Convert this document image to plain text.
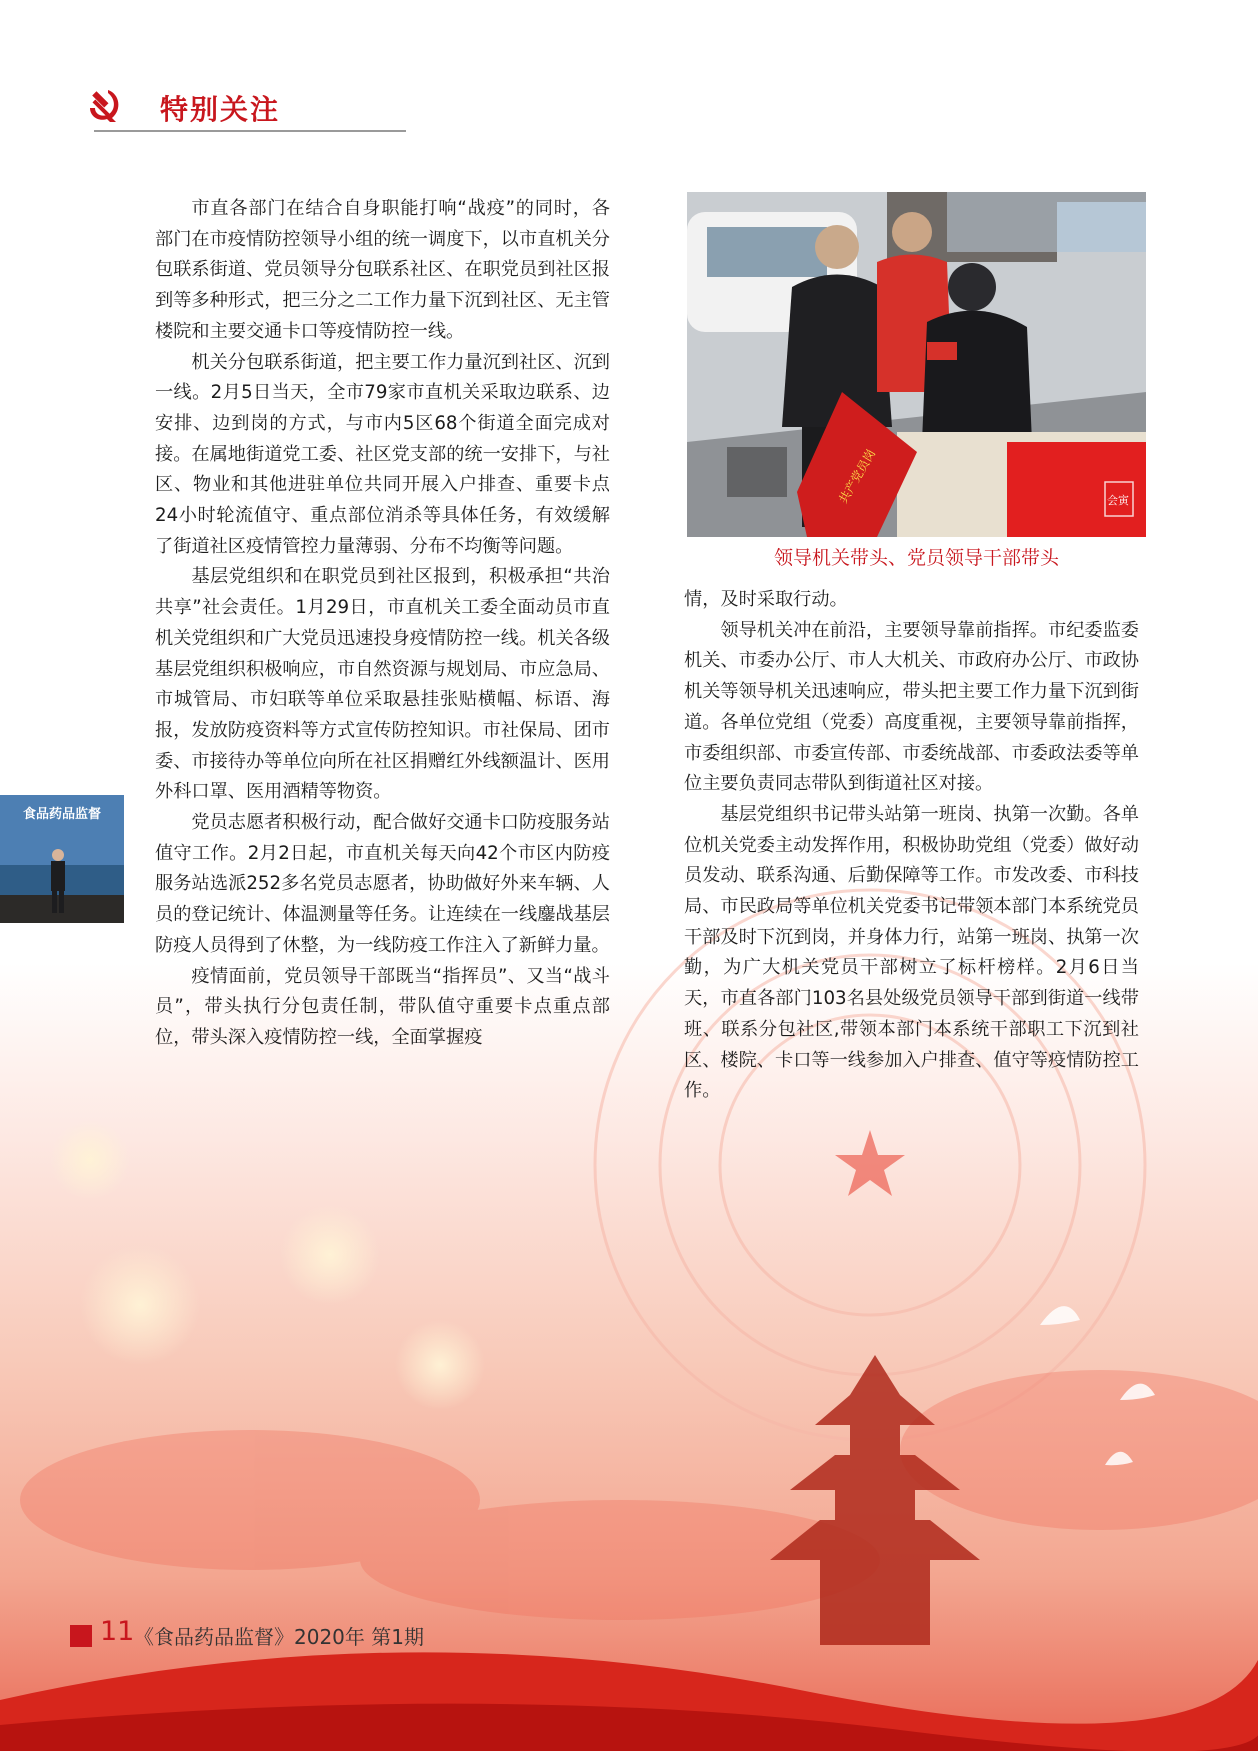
特别关注

市直各部门在结合自身职能打响“战疫”的同时，各部门在市疫情防控领导小组的统一调度下，以市直机关分包联系街道、党员领导分包联系社区、在职党员到社区报到等多种形式，把三分之二工作力量下沉到社区、无主管楼院和主要交通卡口等疫情防控一线。

机关分包联系街道，把主要工作力量沉到社区、沉到一线。2月5日当天，全市79家市直机关采取边联系、边安排、边到岗的方式，与市内5区68个街道全面完成对接。在属地街道党工委、社区党支部的统一安排下，与社区、物业和其他进驻单位共同开展入户排查、重要卡点24小时轮流值守、重点部位消杀等具体任务，有效缓解了街道社区疫情管控力量薄弱、分布不均衡等问题。

基层党组织和在职党员到社区报到，积极承担“共治共享”社会责任。1月29日，市直机关工委全面动员市直机关党组织和广大党员迅速投身疫情防控一线。机关各级基层党组织积极响应，市自然资源与规划局、市应急局、市城管局、市妇联等单位采取悬挂张贴横幅、标语、海报，发放防疫资料等方式宣传防控知识。市社保局、团市委、市接待办等单位向所在社区捐赠红外线额温计、医用外科口罩、医用酒精等物资。

党员志愿者积极行动，配合做好交通卡口防疫服务站值守工作。2月2日起，市直机关每天向42个市区内防疫服务站选派252多名党员志愿者，协助做好外来车辆、人员的登记统计、体温测量等任务。让连续在一线鏖战基层防疫人员得到了休整，为一线防疫工作注入了新鲜力量。

疫情面前，党员领导干部既当“指挥员”、又当“战斗员”，带头执行分包责任制，带队值守重要卡点重点部位，带头深入疫情防控一线，全面掌握疫

共产党员岗	会寅
领导机关带头、党员领导干部带头

情，及时采取行动。

领导机关冲在前沿，主要领导靠前指挥。市纪委监委机关、市委办公厅、市人大机关、市政府办公厅、市政协机关等领导机关迅速响应，带头把主要工作力量下沉到街道。各单位党组（党委）高度重视，主要领导靠前指挥，市委组织部、市委宣传部、市委统战部、市委政法委等单位主要负责同志带队到街道社区对接。

基层党组织书记带头站第一班岗、执第一次勤。各单位机关党委主动发挥作用，积极协助党组（党委）做好动员发动、联系沟通、后勤保障等工作。市发改委、市科技局、市民政局等单位机关党委书记带领本部门本系统党员干部及时下沉到岗，并身体力行，站第一班岗、执第一次勤，为广大机关党员干部树立了标杆榜样。2月6日当天，市直各部门103名县处级党员领导干部到街道一线带班、联系分包社区,带领本部门本系统干部职工下沉到社区、楼院、卡口等一线参加入户排查、值守等疫情防控工作。

食品药品监督
11 《食品药品监督》2020年 第1期
